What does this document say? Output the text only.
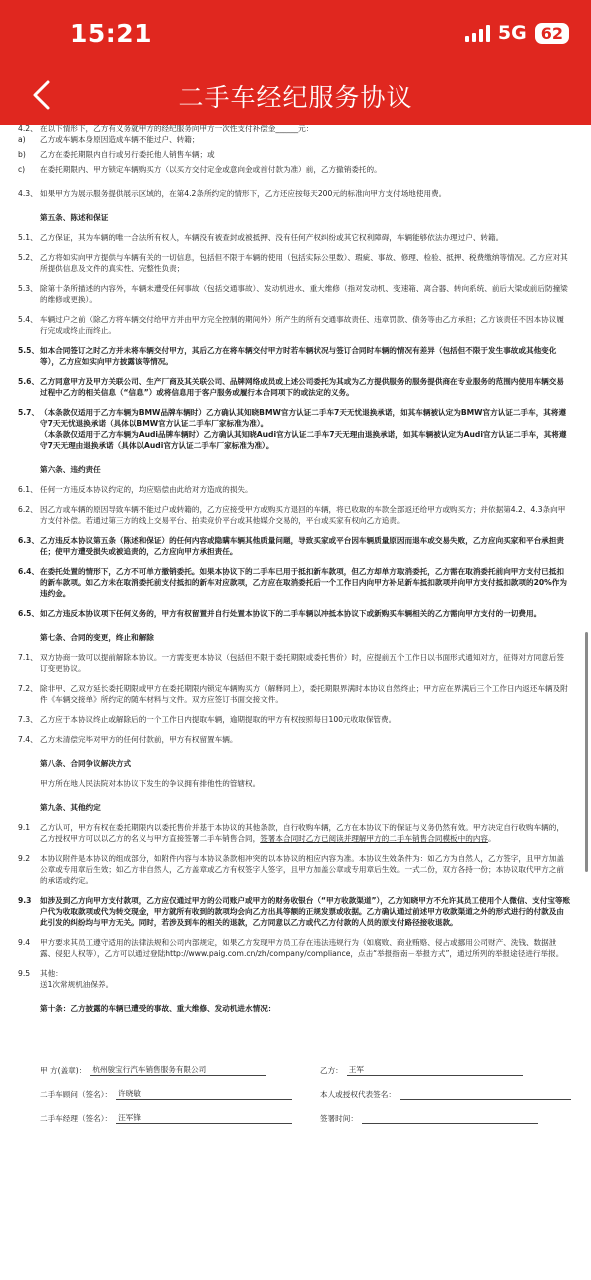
15:21	5G 62
二手车经纪服务协议
4.2、 在以下情形下，乙方有义务就甲方的经纪服务向甲方一次性支付补偿金______元：
a)	乙方或车辆本身原因造成车辆不能过户、转籍；
b)	乙方在委托期限内自行或另行委托他人销售车辆；或
c)	在委托期限内、甲方锁定车辆购买方（以买方交付定金或意向金或首付款为准）前，乙方撤销委托的。
4.3、 如果甲方为展示服务提供展示区域的，在第4.2条所约定的情形下，乙方还应按每天200元的标准向甲方支付场地使用费。
第五条、陈述和保证
5.1、 乙方保证，其为车辆的唯一合法所有权人，车辆没有被查封或被抵押、没有任何产权纠纷或其它权利障碍，车辆能够依法办理过户、转籍。
5.2、 乙方将如实向甲方提供与车辆有关的一切信息，包括但不限于车辆的使用（包括实际公里数）、瑕疵、事故、修理、检验、抵押、税费缴纳等情况。乙方应对其所提供信息及文件的真实性、完整性负责；
5.3、 除第十条所描述的内容外，车辆未遭受任何事故（包括交通事故）、发动机进水、重大维修（指对发动机、变速箱、离合器、转向系统、前后大梁或前后防撞梁的维修或更换）。
5.4、 车辆过户之前（除乙方将车辆交付给甲方并由甲方完全控制的期间外）所产生的所有交通事故责任、违章罚款、债务等由乙方承担；乙方该责任不因本协议履行完成或终止而终止。
5.5、 如本合同签订之时乙方并未将车辆交付甲方，其后乙方在将车辆交付甲方时若车辆状况与签订合同时车辆的情况有差异（包括但不限于发生事故或其他变化等），乙方应如实向甲方披露该等情况。
5.6、 乙方同意甲方及甲方关联公司、生产厂商及其关联公司、品牌网络成员或上述公司委托为其或为乙方提供服务的服务提供商在专业服务的范围内使用车辆交易过程中乙方的相关信息（“信息”）或将信息用于客户服务或履行本合同项下的或法定的义务。
5.7、 （本条款仅适用于乙方车辆为BMW品牌车辆时）乙方确认其知晓BMW官方认证二手车7天无忧退换承诺，如其车辆被认定为BMW官方认证二手车，其将遵守7天无忧退换承诺（具体以BMW官方认证二手车厂家标准为准）。
（本条款仅适用于乙方车辆为Audi品牌车辆时）乙方确认其知晓Audi官方认证二手车7天无理由退换承诺，如其车辆被认定为Audi官方认证二手车，其将遵守7天无理由退换承诺（具体以Audi官方认证二手车厂家标准为准）。
第六条、违约责任
6.1、 任何一方违反本协议约定的，均应赔偿由此给对方造成的损失。
6.2、 因乙方或车辆的原因导致车辆不能过户或转籍的，乙方应接受甲方或购买方退回的车辆，将已收取的车款全部返还给甲方或购买方；并依据第4.2、4.3条向甲方支付补偿。若通过第三方的线上交易平台、拍卖竞价平台或其他媒介交易的，平台或买家有权向乙方追责。
6.3、 乙方违反本协议第五条（陈述和保证）的任何内容或隐瞒车辆其他质量问题，导致买家或平台因车辆质量原因而退车或交易失败，乙方应向买家和平台承担责任；使甲方遭受损失或被追责的，乙方应向甲方承担责任。
6.4、 在委托处置的情形下，乙方不可单方撤销委托。如果本协议下的二手车已用于抵扣新车款项，但乙方却单方取消委托，乙方需在取消委托前向甲方支付已抵扣的新车款项。如乙方未在取消委托前支付抵扣的新车对应款项，乙方应在取消委托后一个工作日内向甲方补足新车抵扣款项并向甲方支付抵扣款项的20%作为违约金。
6.5、 如乙方违反本协议项下任何义务的，甲方有权留置并自行处置本协议下的二手车辆以冲抵本协议下或新购买车辆相关的乙方需向甲方支付的一切费用。
第七条、合同的变更，终止和解除
7.1、 双方协商一致可以提前解除本协议。一方需变更本协议（包括但不限于委托期限或委托售价）时，应提前五个工作日以书面形式通知对方，征得对方同意后签订变更协议。
7.2、 除非甲、乙双方延长委托期限或甲方在委托期限内锁定车辆购买方（解释同上），委托期限界满时本协议自然终止；甲方应在界满后三个工作日内返还车辆及附件《车辆交接单》所约定的随车材料与文件。双方应签订书面交接文件。
7.3、 乙方应于本协议终止或解除后的一个工作日内提取车辆，逾期提取的甲方有权按照每日100元收取保管费。
7.4、 乙方未清偿完毕对甲方的任何付款前，甲方有权留置车辆。
第八条、合同争议解决方式
甲方所在地人民法院对本协议下发生的争议拥有排他性的管辖权。
第九条、其他约定
9.1	乙方认可，甲方有权在委托期限内以委托售价并基于本协议的其他条款，自行收购车辆，乙方在本协议下的保证与义务仍然有效。甲方决定自行收购车辆的，乙方授权甲方可以以乙方的名义与甲方直接签署二手车销售合同，签署本合同时乙方已阅读并理解甲方的二手车销售合同模板中的内容。
9.2	本协议附件是本协议的组成部分，如附件内容与本协议条款相冲突的以本协议的相应内容为准。本协议生效条件为：如乙方为自然人，乙方签字，且甲方加盖公章或专用章后生效；如乙方非自然人，乙方盖章或乙方有权签字人签字，且甲方加盖公章或专用章后生效。一式二份，双方各持一份；本协议取代甲方之前的承诺或约定。
9.3	如涉及到乙方向甲方支付款项，乙方应仅通过甲方的公司账户或甲方的财务收银台（“甲方收款渠道”），乙方知晓甲方不允许其员工使用个人微信、支付宝等账户代为收取款项或代为转交现金，甲方就所有收到的款项均会向乙方出具等额的正规发票或收据。乙方确认通过前述甲方收款渠道之外的形式进行的付款及由此引发的纠纷均与甲方无关。同时，若涉及到车的相关的退款，乙方同意以乙方或代乙方付款的人员的原支付路径接收退款。
9.4	甲方要求其员工遵守适用的法律法规和公司内部规定，如果乙方发现甲方员工存在违法违规行为（如腐败、商业贿赂、侵占或挪用公司财产、洗钱、数据泄露、侵犯人权等），乙方可以通过登陆http://www.paig.com.cn/zh/company/compliance，点击“举报指南－举报方式”，通过所列的举报途径进行举报。
9.5	其他：
送1次常规机油保养。
第十条：乙方披露的车辆已遭受的事故、重大维修、发动机进水情况：
甲 方(盖章)： 杭州骏宝行汽车销售服务有限公司	乙方： 王军
二手车顾问（签名）： 许晓敏	本人或授权代表签名：
二手车经理（签名）： 汪军锋	签署时间：
